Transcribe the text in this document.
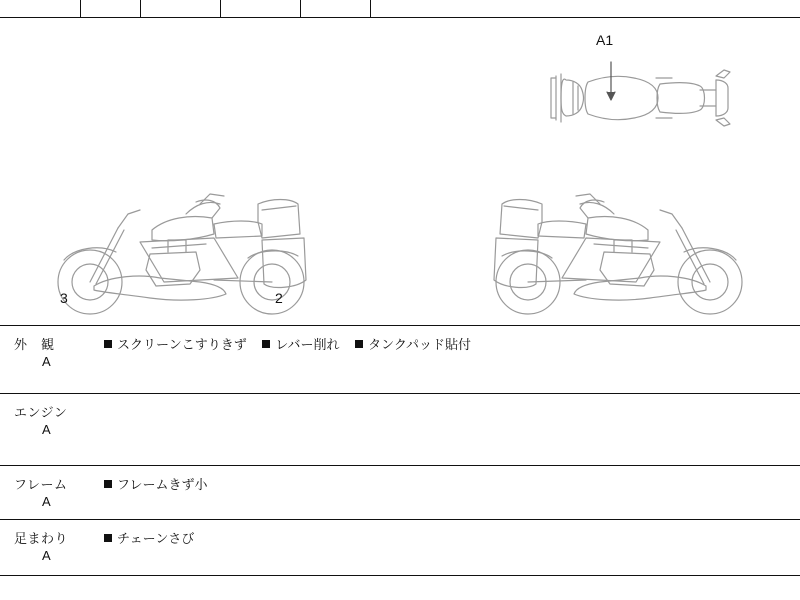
A1
3	2
外　観
A
スクリーンこすりきず レバー削れ タンクパッド貼付
エンジン
A
フレーム
A
フレームきず小
足まわり
A
チェーンさび
